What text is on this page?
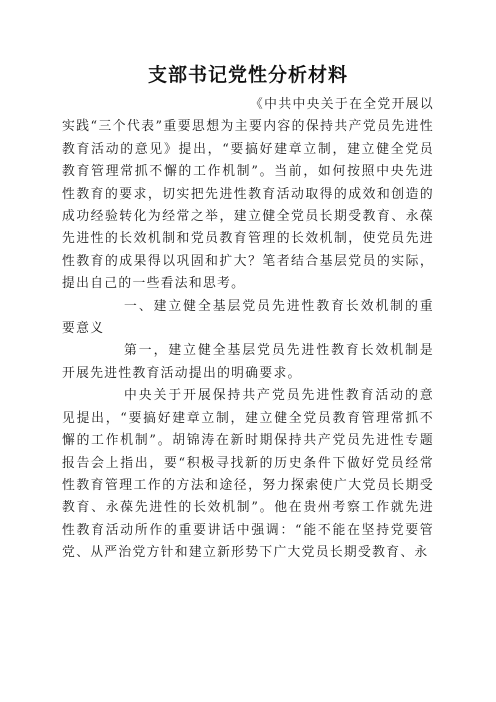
支部书记党性分析材料

《中共中央关于在全党开展以实践“三个代表”重要思想为主要内容的保持共产党员先进性教育活动的意见》提出，“要搞好建章立制，建立健全党员教育管理常抓不懈的工作机制”。当前，如何按照中央先进性教育的要求，切实把先进性教育活动取得的成效和创造的成功经验转化为经常之举，建立健全党员长期受教育、永葆先进性的长效机制和党员教育管理的长效机制，使党员先进性教育的成果得以巩固和扩大？笔者结合基层党员的实际，提出自己的一些看法和思考。

一、建立健全基层党员先进性教育长效机制的重要意义

第一，建立健全基层党员先进性教育长效机制是开展先进性教育活动提出的明确要求。

中央关于开展保持共产党员先进性教育活动的意见提出，“要搞好建章立制，建立健全党员教育管理常抓不懈的工作机制”。胡锦涛在新时期保持共产党员先进性专题报告会上指出，要“积极寻找新的历史条件下做好党员经常性教育管理工作的方法和途径，努力探索使广大党员长期受教育、永葆先进性的长效机制”。他在贵州考察工作就先进性教育活动所作的重要讲话中强调：“能不能在坚持党要管党、从严治党方针和建立新形势下广大党员长期受教育、永
